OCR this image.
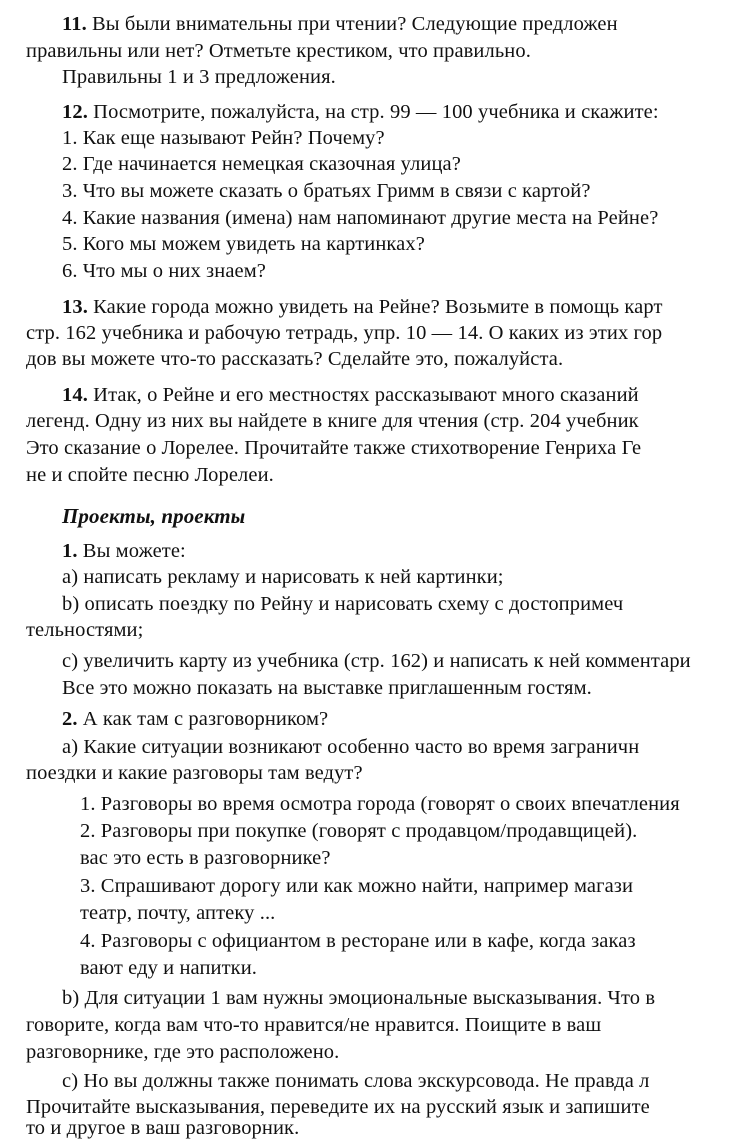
11. Вы были внимательны при чтении? Следующие предложен
правильны или нет? Отметьте крестиком, что правильно.
Правильны 1 и 3 предложения.
12. Посмотрите, пожалуйста, на стр. 99 — 100 учебника и скажите:
1. Как еще называют Рейн? Почему?
2. Где начинается немецкая сказочная улица?
3. Что вы можете сказать о братьях Гримм в связи с картой?
4. Какие названия (имена) нам напоминают другие места на Рейне?
5. Кого мы можем увидеть на картинках?
6. Что мы о них знаем?
13. Какие города можно увидеть на Рейне? Возьмите в помощь карт
стр. 162 учебника и рабочую тетрадь, упр. 10 — 14. О каких из этих гор
дов вы можете что-то рассказать? Сделайте это, пожалуйста.
14. Итак, о Рейне и его местностях рассказывают много сказаний
легенд. Одну из них вы найдете в книге для чтения (стр. 204 учебник
Это сказание о Лорелее. Прочитайте также стихотворение Генриха Ге
не и спойте песню Лорелеи.
Проекты, проекты
1. Вы можете:
а) написать рекламу и нарисовать к ней картинки;
b) описать поездку по Рейну и нарисовать схему с достопримеч
тельностями;
с) увеличить карту из учебника (стр. 162) и написать к ней комментари
Все это можно показать на выставке приглашенным гостям.
2. А как там с разговорником?
а) Какие ситуации возникают особенно часто во время заграничн
поездки и какие разговоры там ведут?
1. Разговоры во время осмотра города (говорят о своих впечатления
2. Разговоры при покупке (говорят с продавцом/продавщицей).
вас это есть в разговорнике?
3. Спрашивают дорогу или как можно найти, например магази
театр, почту, аптеку ...
4. Разговоры с официантом в ресторане или в кафе, когда заказ
вают еду и напитки.
b) Для ситуации 1 вам нужны эмоциональные высказывания. Что в
говорите, когда вам что-то нравится/не нравится. Поищите в ваш
разговорнике, где это расположено.
с) Но вы должны также понимать слова экскурсовода. Не правда л
Прочитайте высказывания, переведите их на русский язык и запишите
то и другое в ваш разговорник.
